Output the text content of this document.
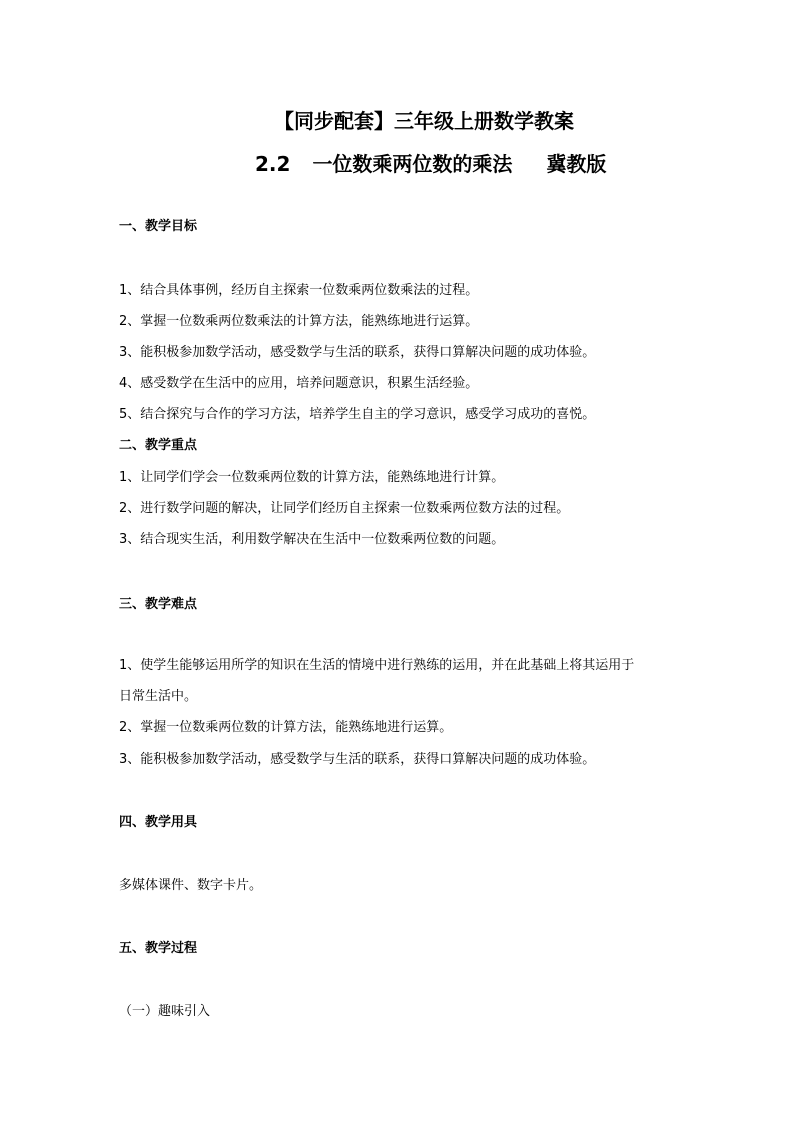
【同步配套】三年级上册数学教案
2.2 一位数乘两位数的乘法 冀教版
一、教学目标
1、结合具体事例，经历自主探索一位数乘两位数乘法的过程。
2、掌握一位数乘两位数乘法的计算方法，能熟练地进行运算。
3、能积极参加数学活动，感受数学与生活的联系，获得口算解决问题的成功体验。
4、感受数学在生活中的应用，培养问题意识，积累生活经验。
5、结合探究与合作的学习方法，培养学生自主的学习意识，感受学习成功的喜悦。
二、教学重点
1、让同学们学会一位数乘两位数的计算方法，能熟练地进行计算。
2、进行数学问题的解决，让同学们经历自主探索一位数乘两位数方法的过程。
3、结合现实生活，利用数学解决在生活中一位数乘两位数的问题。
三、教学难点
1、使学生能够运用所学的知识在生活的情境中进行熟练的运用，并在此基础上将其运用于
日常生活中。
2、掌握一位数乘两位数的计算方法，能熟练地进行运算。
3、能积极参加数学活动，感受数学与生活的联系，获得口算解决问题的成功体验。
四、教学用具
多媒体课件、数字卡片。
五、教学过程
（一）趣味引入
